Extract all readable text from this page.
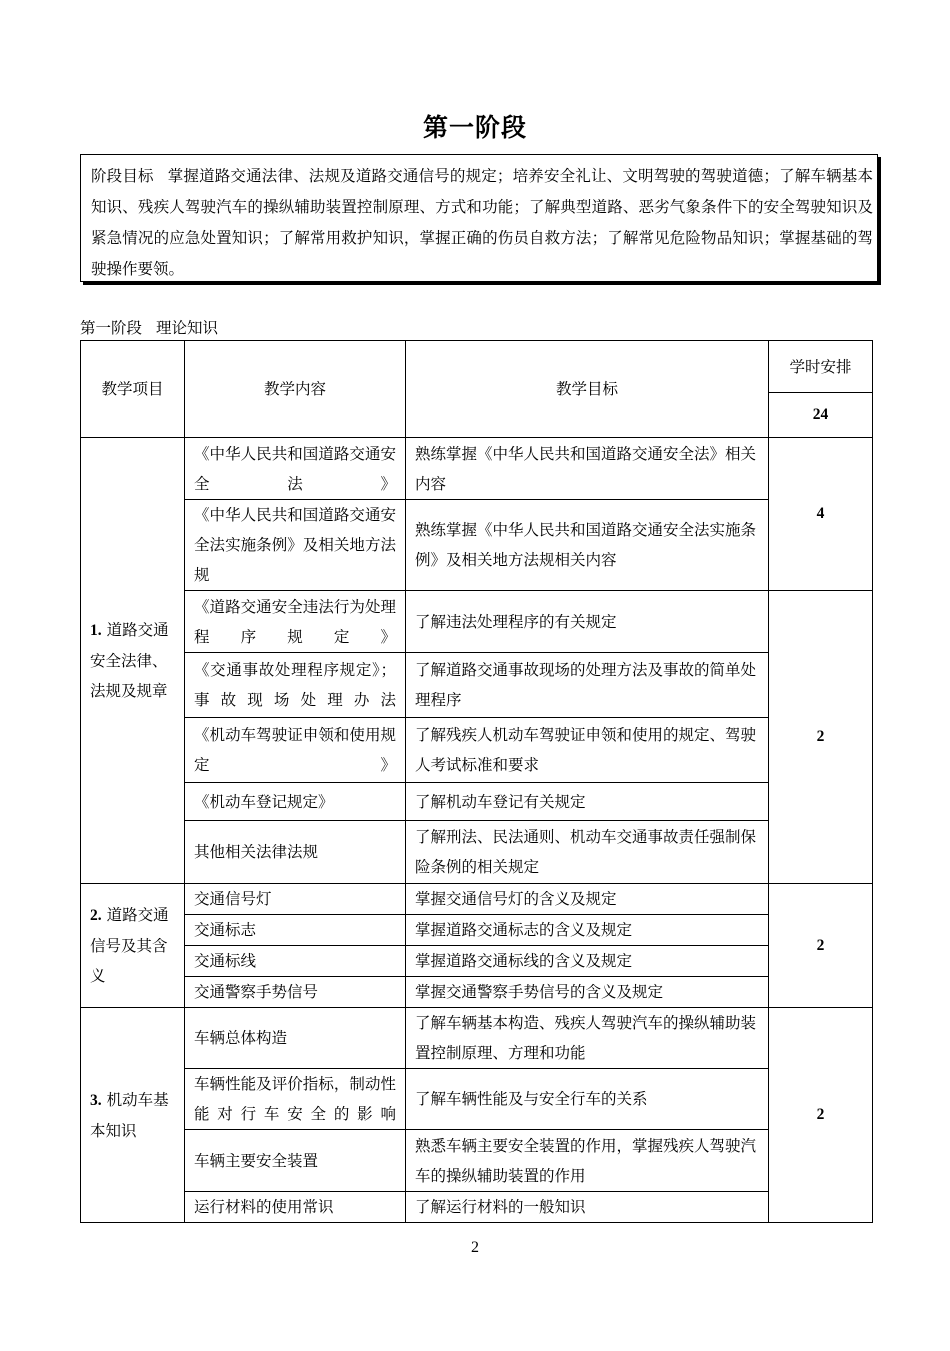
第一阶段
阶段目标 掌握道路交通法律、法规及道路交通信号的规定；培养安全礼让、文明驾驶的驾驶道德；了解车辆基本知识、残疾人驾驶汽车的操纵辅助装置控制原理、方式和功能；了解典型道路、恶劣气象条件下的安全驾驶知识及紧急情况的应急处置知识；了解常用救护知识，掌握正确的伤员自救方法；了解常见危险物品知识；掌握基础的驾驶操作要领。
第一阶段 理论知识
教学项目	教学内容	教学目标	学时安排
			24
1. 道路交通安全法律、法规及规章	《中华人民共和国道路交通安全法》	熟练掌握《中华人民共和国道路交通安全法》相关内容	4
	《中华人民共和国道路交通安全法实施条例》及相关地方法规	熟练掌握《中华人民共和国道路交通安全法实施条例》及相关地方法规相关内容	
	《道路交通安全违法行为处理程序规定》	了解违法处理程序的有关规定	2
	《交通事故处理程序规定》；事故现场处理办法	了解道路交通事故现场的处理方法及事故的简单处理程序	
	《机动车驾驶证申领和使用规定》	了解残疾人机动车驾驶证申领和使用的规定、驾驶人考试标准和要求	
	《机动车登记规定》	了解机动车登记有关规定	
	其他相关法律法规	了解刑法、民法通则、机动车交通事故责任强制保险条例的相关规定	
2. 道路交通信号及其含义	交通信号灯	掌握交通信号灯的含义及规定	2
	交通标志	掌握道路交通标志的含义及规定	
	交通标线	掌握道路交通标线的含义及规定	
	交通警察手势信号	掌握交通警察手势信号的含义及规定	
3. 机动车基本知识	车辆总体构造	了解车辆基本构造、残疾人驾驶汽车的操纵辅助装置控制原理、方理和功能	2
	车辆性能及评价指标，制动性能对行车安全的影响	了解车辆性能及与安全行车的关系	
	车辆主要安全装置	熟悉车辆主要安全装置的作用，掌握残疾人驾驶汽车的操纵辅助装置的作用	
	运行材料的使用常识	了解运行材料的一般知识	
2
